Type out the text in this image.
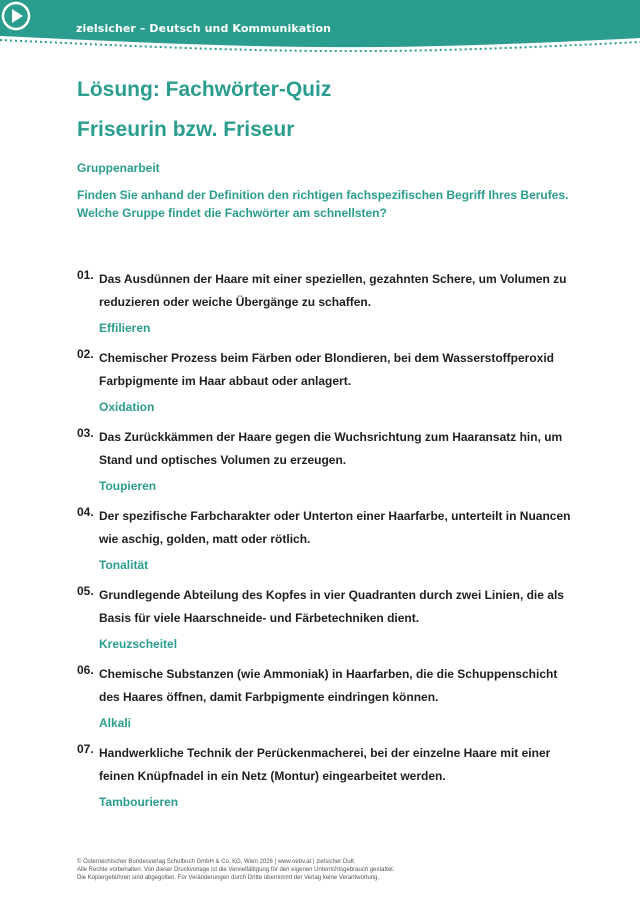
zielsicher – Deutsch und Kommunikation
Lösung: Fachwörter-Quiz
Friseurin bzw. Friseur
Gruppenarbeit
Finden Sie anhand der Definition den richtigen fachspezifischen Begriff Ihres Berufes.
Welche Gruppe findet die Fachwörter am schnellsten?
01. Das Ausdünnen der Haare mit einer speziellen, gezahnten Schere, um Volumen zu
reduzieren oder weiche Übergänge zu schaffen.
Effilieren
02. Chemischer Prozess beim Färben oder Blondieren, bei dem Wasserstoffperoxid
Farbpigmente im Haar abbaut oder anlagert.
Oxidation
03. Das Zurückkämmen der Haare gegen die Wuchsrichtung zum Haaransatz hin, um
Stand und optisches Volumen zu erzeugen.
Toupieren
04. Der spezifische Farbcharakter oder Unterton einer Haarfarbe, unterteilt in Nuancen
wie aschig, golden, matt oder rötlich.
Tonalität
05. Grundlegende Abteilung des Kopfes in vier Quadranten durch zwei Linien, die als
Basis für viele Haarschneide- und Färbetechniken dient.
Kreuzscheitel
06. Chemische Substanzen (wie Ammoniak) in Haarfarben, die die Schuppenschicht
des Haares öffnen, damit Farbpigmente eindringen können.
Alkali
07. Handwerkliche Technik der Perückenmacherei, bei der einzelne Haare mit einer
feinen Knüpfnadel in ein Netz (Montur) eingearbeitet werden.
Tambourieren
© Österreichischer Bundesverlag Schulbuch GmbH & Co. KG, Wien 2026 | www.oebv.at | zielsicher DuK
Alle Rechte vorbehalten. Von dieser Druckvorlage ist die Vervielfältigung für den eigenen Unterrichtsgebrauch gestattet.
Die Kopiergebühren sind abgegolten. Für Veränderungen durch Dritte übernimmt der Verlag keine Verantwortung.
